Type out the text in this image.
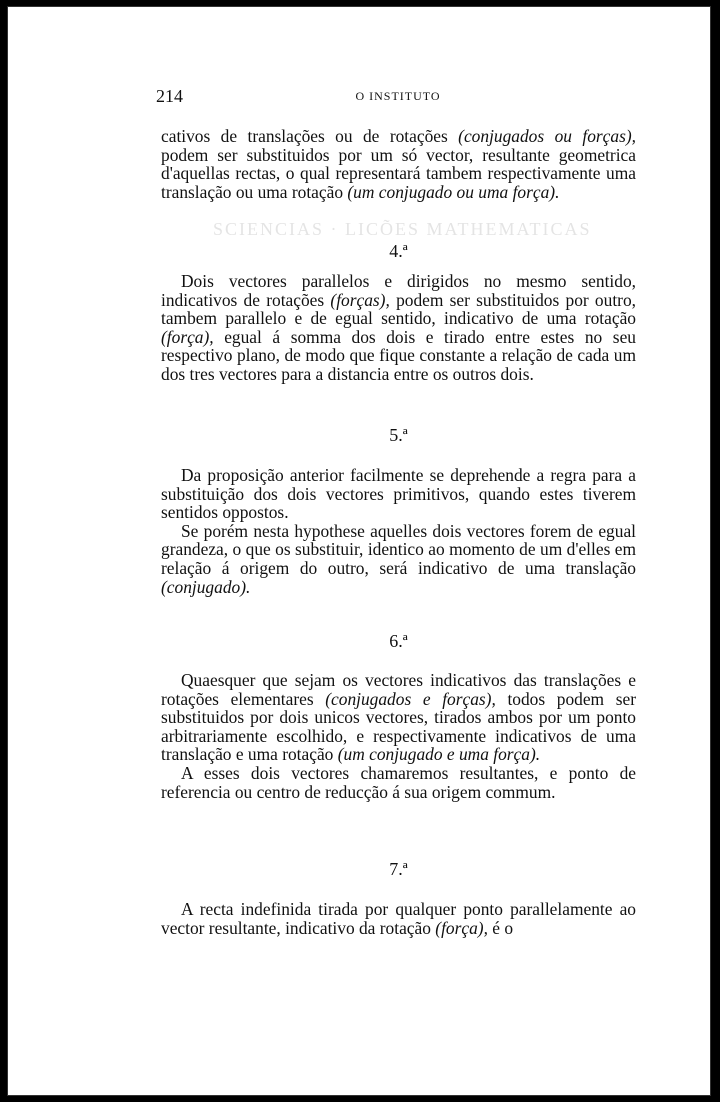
SCIENCIAS · LICÕES MATHEMATICAS
214	O INSTITUTO

cativos de translações ou de rotações (conjugados ou forças), podem ser substituidos por um só vector, resultante geometrica d'aquellas rectas, o qual representará tambem respectivamente uma translação ou uma rotação (um conjugado ou uma força).

4.ª

Dois vectores parallelos e dirigidos no mesmo sentido, indicativos de rotações (forças), podem ser substituidos por outro, tambem parallelo e de egual sentido, indicativo de uma rotação (força), egual á somma dos dois e tirado entre estes no seu respectivo plano, de modo que fique constante a relação de cada um dos tres vectores para a distancia entre os outros dois.

5.ª

Da proposição anterior facilmente se deprehende a regra para a substituição dos dois vectores primitivos, quando estes tiverem sentidos oppostos.

Se porém nesta hypothese aquelles dois vectores forem de egual grandeza, o que os substituir, identico ao momento de um d'elles em relação á origem do outro, será indicativo de uma translação (conjugado).

6.ª

Quaesquer que sejam os vectores indicativos das translações e rotações elementares (conjugados e forças), todos podem ser substituidos por dois unicos vectores, tirados ambos por um ponto arbitrariamente escolhido, e respectivamente indicativos de uma translação e uma rotação (um conjugado e uma força).

A esses dois vectores chamaremos resultantes, e ponto de referencia ou centro de reducção á sua origem commum.

7.ª

A recta indefinida tirada por qualquer ponto parallelamente ao vector resultante, indicativo da rotação (força), é o
